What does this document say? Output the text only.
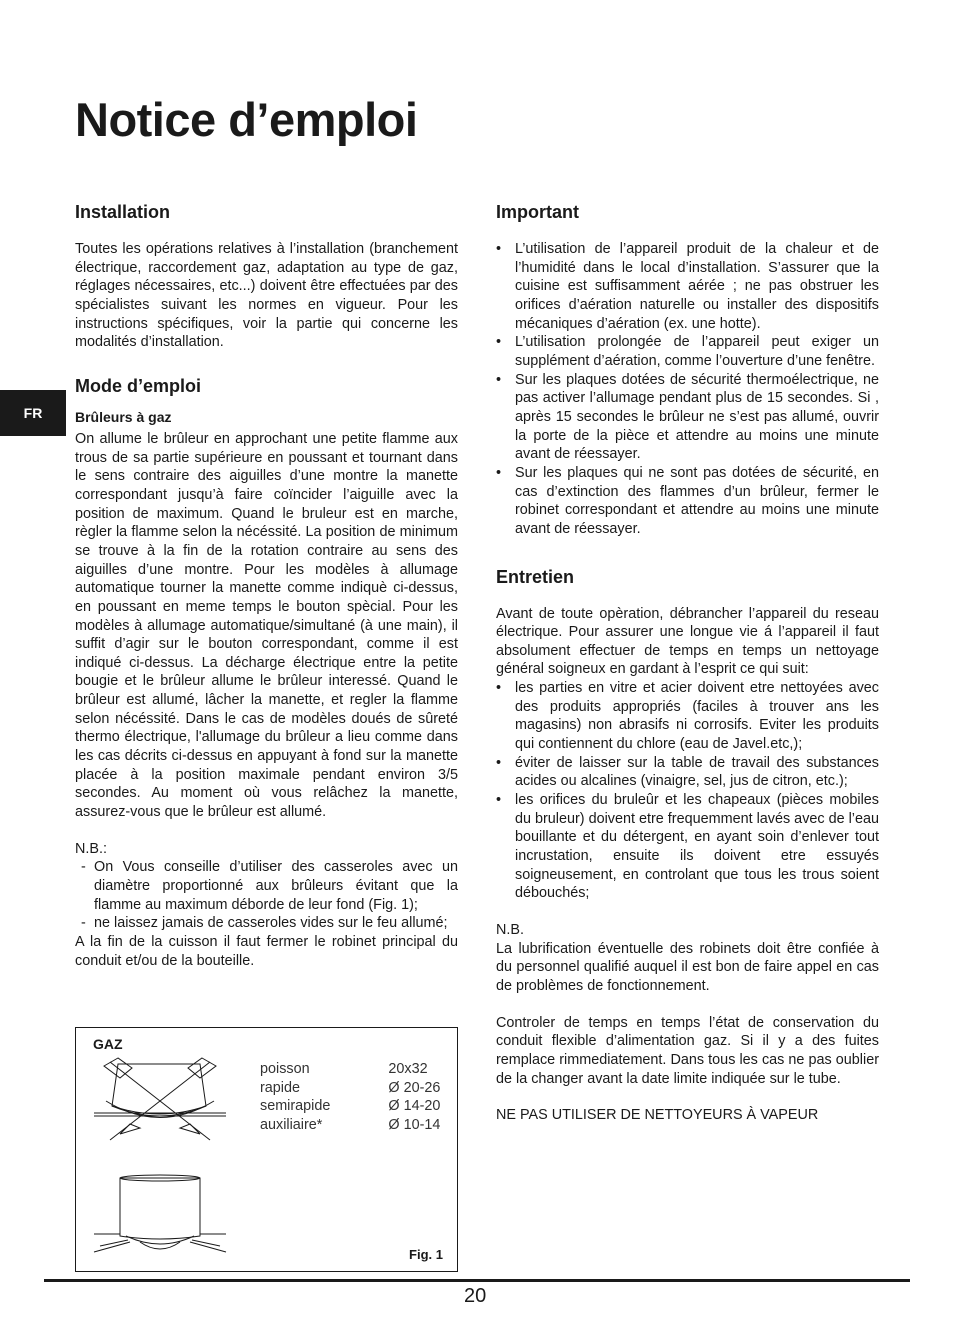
Notice d’emploi
FR
Installation

Toutes les opérations relatives à l’installation (branchement électrique, raccordement gaz, adaptation au type de gaz, réglages nécessaires, etc...) doivent être effectuées par des spécialistes suivant les normes en vigueur. Pour les instructions spécifiques, voir la partie qui concerne les modalités d’installation.

Mode d’emploi
Brûleurs à gaz

On allume le brûleur en approchant une petite flamme aux trous de sa partie supérieure en poussant et tournant dans le sens contraire des aiguilles d’une montre la manette correspondant jusqu’à faire coïncider l’aiguille avec la position de maximum. Quand le bruleur est en marche, règler la flamme selon la nécéssité. La position de minimum se trouve à la fin de la rotation contraire au sens des aiguilles d’une montre. Pour les modèles à allumage automatique tourner la manette comme indiquè ci-dessus, en poussant en meme temps le bouton spècial. Pour les modèles à allumage automatique/simultané (à une main), il suffit d’agir sur le bouton correspondant, comme il est indiqué ci-dessus. La décharge électrique entre la petite bougie et le brûleur allume le brûleur interessé. Quand le brûleur est allumé, lâcher la manette, et regler la flamme selon nécéssité. Dans le cas de modèles doués de sûreté thermo électrique, l'allumage du brûleur a lieu comme dans les cas décrits ci-dessus en appuyant à fond sur la manette placée à la position maximale pendant environ 3/5 secondes. Au moment où vous relâchez la manette, assurez-vous que le brûleur est allumé.

N.B.:
- On Vous conseille d’utiliser des casseroles avec un diamètre proportionné aux brûleurs évitant que la flamme au maximum déborde de leur fond (Fig. 1);
- ne laissez jamais de casseroles vides sur le feu allumé;

A la fin de la cuisson il faut fermer le robinet principal du conduit et/ou de la bouteille.

GAZ
poisson	20x32
rapide	Ø 20-26
semirapide	Ø 14-20
auxiliaire*	Ø 10-14
Fig. 1
Important
• L’utilisation de l’appareil produit de la chaleur et de l’humidité dans le local d’installation. S’assurer que la cuisine est suffisamment aérée ; ne pas obstruer les orifices d’aération naturelle ou installer des dispositifs mécaniques d’aération (ex. une hotte).
• L’utilisation prolongée de l’appareil peut exiger un supplément d’aération, comme l’ouverture d’une fenêtre.
• Sur les plaques dotées de sécurité thermoélectrique, ne pas activer l’allumage pendant plus de 15 secondes. Si , après 15 secondes le brûleur ne s’est pas allumé, ouvrir la porte de la pièce et attendre au moins une minute avant de réessayer.
• Sur les plaques qui ne sont pas dotées de sécurité, en cas d’extinction des flammes d’un brûleur, fermer le robinet correspondant et attendre au moins une minute avant de réessayer.
Entretien

Avant de toute opèration, débrancher l’appareil du reseau électrique. Pour assurer une longue vie á l’appareil il faut absolument effectuer de temps en temps un nettoyage général soigneux en gardant à l’esprit ce qui suit:

• les parties en vitre et acier doivent etre nettoyées avec des produits appropriés (faciles à trouver ans les magasins) non abrasifs ni corrosifs. Eviter les produits qui contiennent du chlore (eau de Javel.etc,);
• éviter de laisser sur la table de travail des substances acides ou alcalines (vinaigre, sel, jus de citron, etc.);
• les orifices du bruleûr et les chapeaux (pièces mobiles du bruleur) doivent etre frequemment lavés avec de l’eau bouillante et du détergent, en ayant soin d’enlever tout incrustation, ensuite ils doivent etre essuyés soigneusement, en controlant que tous les trous soient débouchés;
N.B.

La lubrification éventuelle des robinets doit être confiée à du personnel qualifié auquel il est bon de faire appel en cas de problèmes de fonctionnement.

Controler de temps en temps l’état de conservation du conduit flexible d’alimentation gaz. Si il y a des fuites remplace rimmediatement. Dans tous les cas ne pas oublier de la changer avant la date limite indiquée sur le tube.

NE PAS UTILISER DE NETTOYEURS À VAPEUR

20
